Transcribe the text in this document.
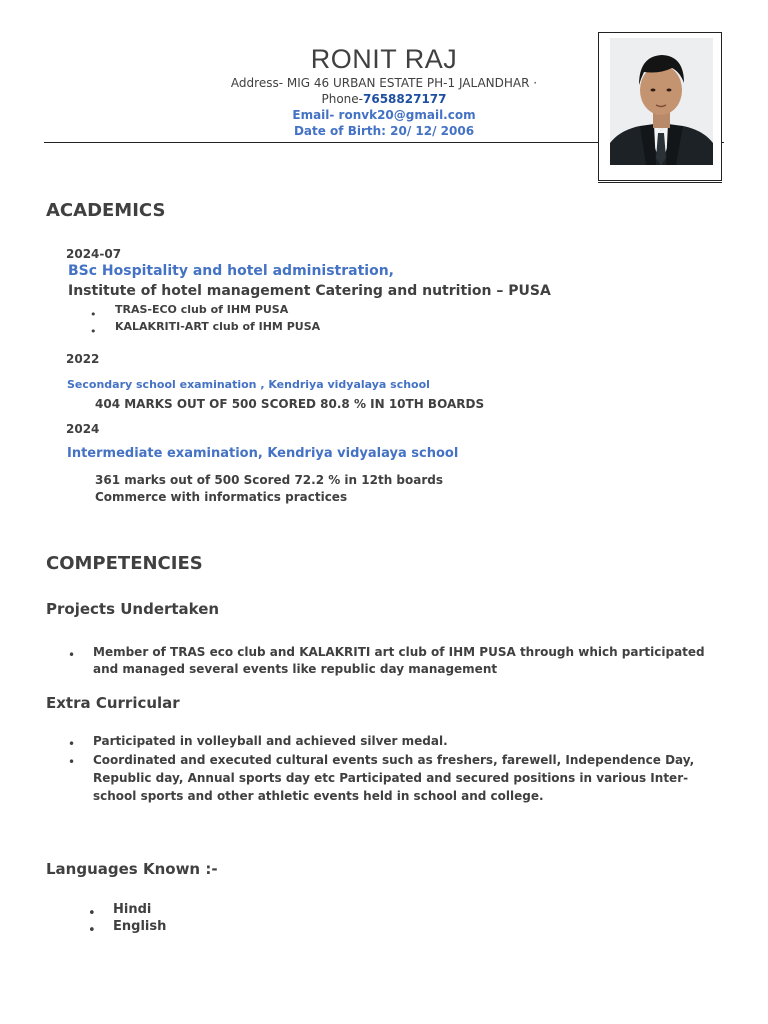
RONIT RAJ
Address- MIG 46 URBAN ESTATE PH-1 JALANDHAR ·
Phone-7658827177
Email- ronvk20@gmail.com
Date of Birth: 20/ 12/ 2006
ACADEMICS
2024-07
BSc Hospitality and hotel administration,
Institute of hotel management Catering and nutrition – PUSA
• TRAS-ECO club of IHM PUSA
• KALAKRITI-ART club of IHM PUSA
2022
Secondary school examination , Kendriya vidyalaya school
404 MARKS OUT OF 500 SCORED 80.8 % IN 10TH BOARDS
2024
Intermediate examination, Kendriya vidyalaya school
361 marks out of 500 Scored 72.2 % in 12th boards
Commerce with informatics practices
COMPETENCIES
Projects Undertaken
• Member of TRAS eco club and KALAKRITI art club of IHM PUSA through which participated and managed several events like republic day management
Extra Curricular
• Participated in volleyball and achieved silver medal.
• Coordinated and executed cultural events such as freshers, farewell, Independence Day, Republic day, Annual sports day etc Participated and secured positions in various Inter-school sports and other athletic events held in school and college.
Languages Known :-
• Hindi
• English
